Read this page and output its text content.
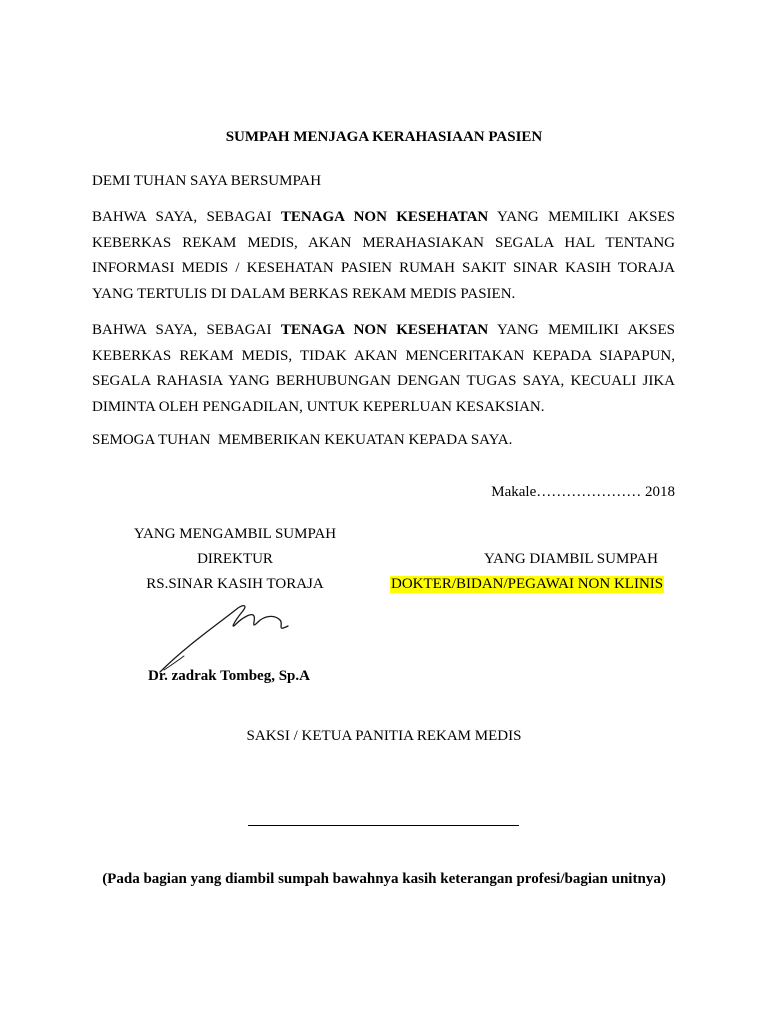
SUMPAH MENJAGA KERAHASIAAN PASIEN
DEMI TUHAN SAYA BERSUMPAH
BAHWA SAYA, SEBAGAI TENAGA NON KESEHATAN YANG MEMILIKI AKSES KEBERKAS REKAM MEDIS, AKAN MERAHASIAKAN SEGALA HAL TENTANG INFORMASI MEDIS / KESEHATAN PASIEN RUMAH SAKIT SINAR KASIH TORAJA YANG TERTULIS DI DALAM BERKAS REKAM MEDIS PASIEN.
BAHWA SAYA, SEBAGAI TENAGA NON KESEHATAN YANG MEMILIKI AKSES KEBERKAS REKAM MEDIS, TIDAK AKAN MENCERITAKAN KEPADA SIAPAPUN, SEGALA RAHASIA YANG BERHUBUNGAN DENGAN TUGAS SAYA, KECUALI JIKA DIMINTA OLEH PENGADILAN, UNTUK KEPERLUAN KESAKSIAN.
SEMOGA TUHAN  MEMBERIKAN KEKUATAN KEPADA SAYA.
Makale………………… 2018
YANG MENGAMBIL SUMPAH
DIREKTUR
RS.SINAR KASIH TORAJA
YANG DIAMBIL SUMPAH
DOKTER/BIDAN/PEGAWAI NON KLINIS
Dr. zadrak Tombeg, Sp.A
SAKSI / KETUA PANITIA REKAM MEDIS
(Pada bagian yang diambil sumpah bawahnya kasih keterangan profesi/bagian unitnya)
